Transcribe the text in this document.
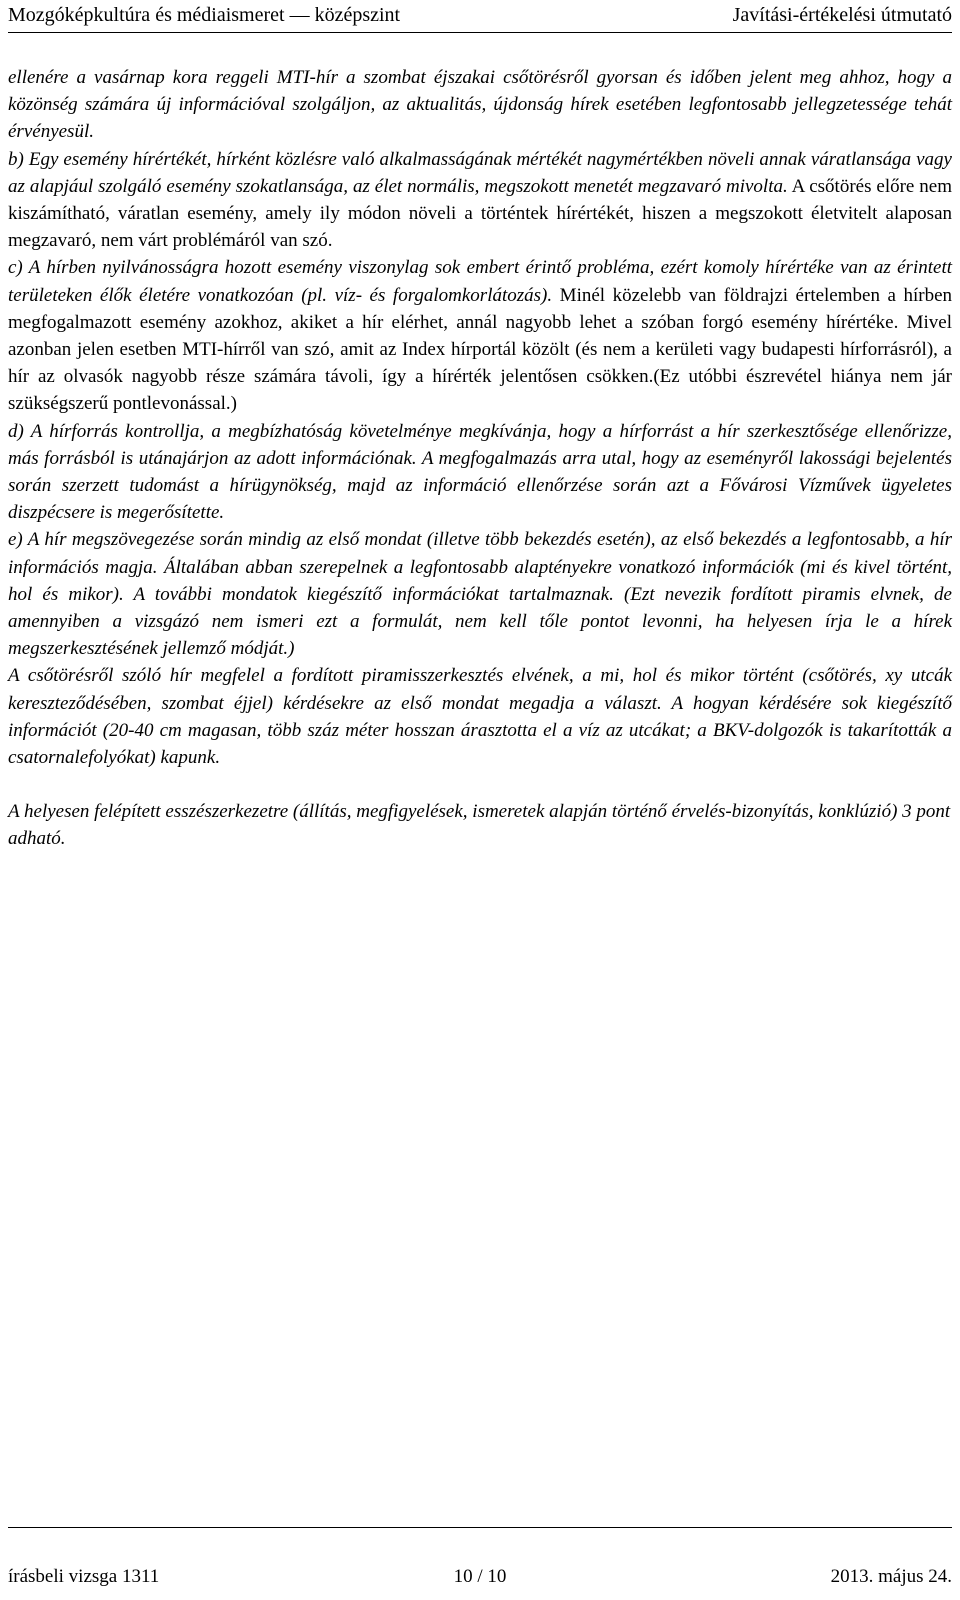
Mozgóképkultúra és médiaismeret — középszint	Javítási-értékelési útmutató

ellenére a vasárnap kora reggeli MTI-hír a szombat éjszakai csőtörésről gyorsan és időben jelent meg ahhoz, hogy a közönség számára új információval szolgáljon, az aktualitás, újdonság hírek esetében legfontosabb jellegzetessége tehát érvényesül.

b) Egy esemény hírértékét, hírként közlésre való alkalmasságának mértékét nagymértékben növeli annak váratlansága vagy az alapjául szolgáló esemény szokatlansága, az élet normális, megszokott menetét megzavaró mivolta. A csőtörés előre nem kiszámítható, váratlan esemény, amely ily módon növeli a történtek hírértékét, hiszen a megszokott életvitelt alaposan megzavaró, nem várt problémáról van szó.

c) A hírben nyilvánosságra hozott esemény viszonylag sok embert érintő probléma, ezért komoly hírértéke van az érintett területeken élők életére vonatkozóan (pl. víz- és forgalomkorlátozás). Minél közelebb van földrajzi értelemben a hírben megfogalmazott esemény azokhoz, akiket a hír elérhet, annál nagyobb lehet a szóban forgó esemény hírértéke. Mivel azonban jelen esetben MTI-hírről van szó, amit az Index hírportál közölt (és nem a kerületi vagy budapesti hírforrásról), a hír az olvasók nagyobb része számára távoli, így a hírérték jelentősen csökken.(Ez utóbbi észrevétel hiánya nem jár szükségszerű pontlevonással.)

d) A hírforrás kontrollja, a megbízhatóság követelménye megkívánja, hogy a hírforrást a hír szerkesztősége ellenőrizze, más forrásból is utánajárjon az adott információnak. A megfogalmazás arra utal, hogy az eseményről lakossági bejelentés során szerzett tudomást a hírügynökség, majd az információ ellenőrzése során azt a Fővárosi Vízművek ügyeletes diszpécsere is megerősítette.

e) A hír megszövegezése során mindig az első mondat (illetve több bekezdés esetén), az első bekezdés a legfontosabb, a hír információs magja. Általában abban szerepelnek a legfontosabb alaptényekre vonatkozó információk (mi és kivel történt, hol és mikor). A további mondatok kiegészítő információkat tartalmaznak. (Ezt nevezik fordított piramis elvnek, de amennyiben a vizsgázó nem ismeri ezt a formulát, nem kell tőle pontot levonni, ha helyesen írja le a hírek megszerkesztésének jellemző módját.)

A csőtörésről szóló hír megfelel a fordított piramisszerkesztés elvének, a mi, hol és mikor történt (csőtörés, xy utcák kereszteződésében, szombat éjjel) kérdésekre az első mondat megadja a választ. A hogyan kérdésére sok kiegészítő információt (20-40 cm magasan, több száz méter hosszan árasztotta el a víz az utcákat; a BKV-dolgozók is takarították a csatornalefolyókat) kapunk.

A helyesen felépített esszészerkezetre (állítás, megfigyelések, ismeretek alapján történő érvelés-bizonyítás, konklúzió) 3 pont adható.

írásbeli vizsga 1311	10 / 10	2013. május 24.
